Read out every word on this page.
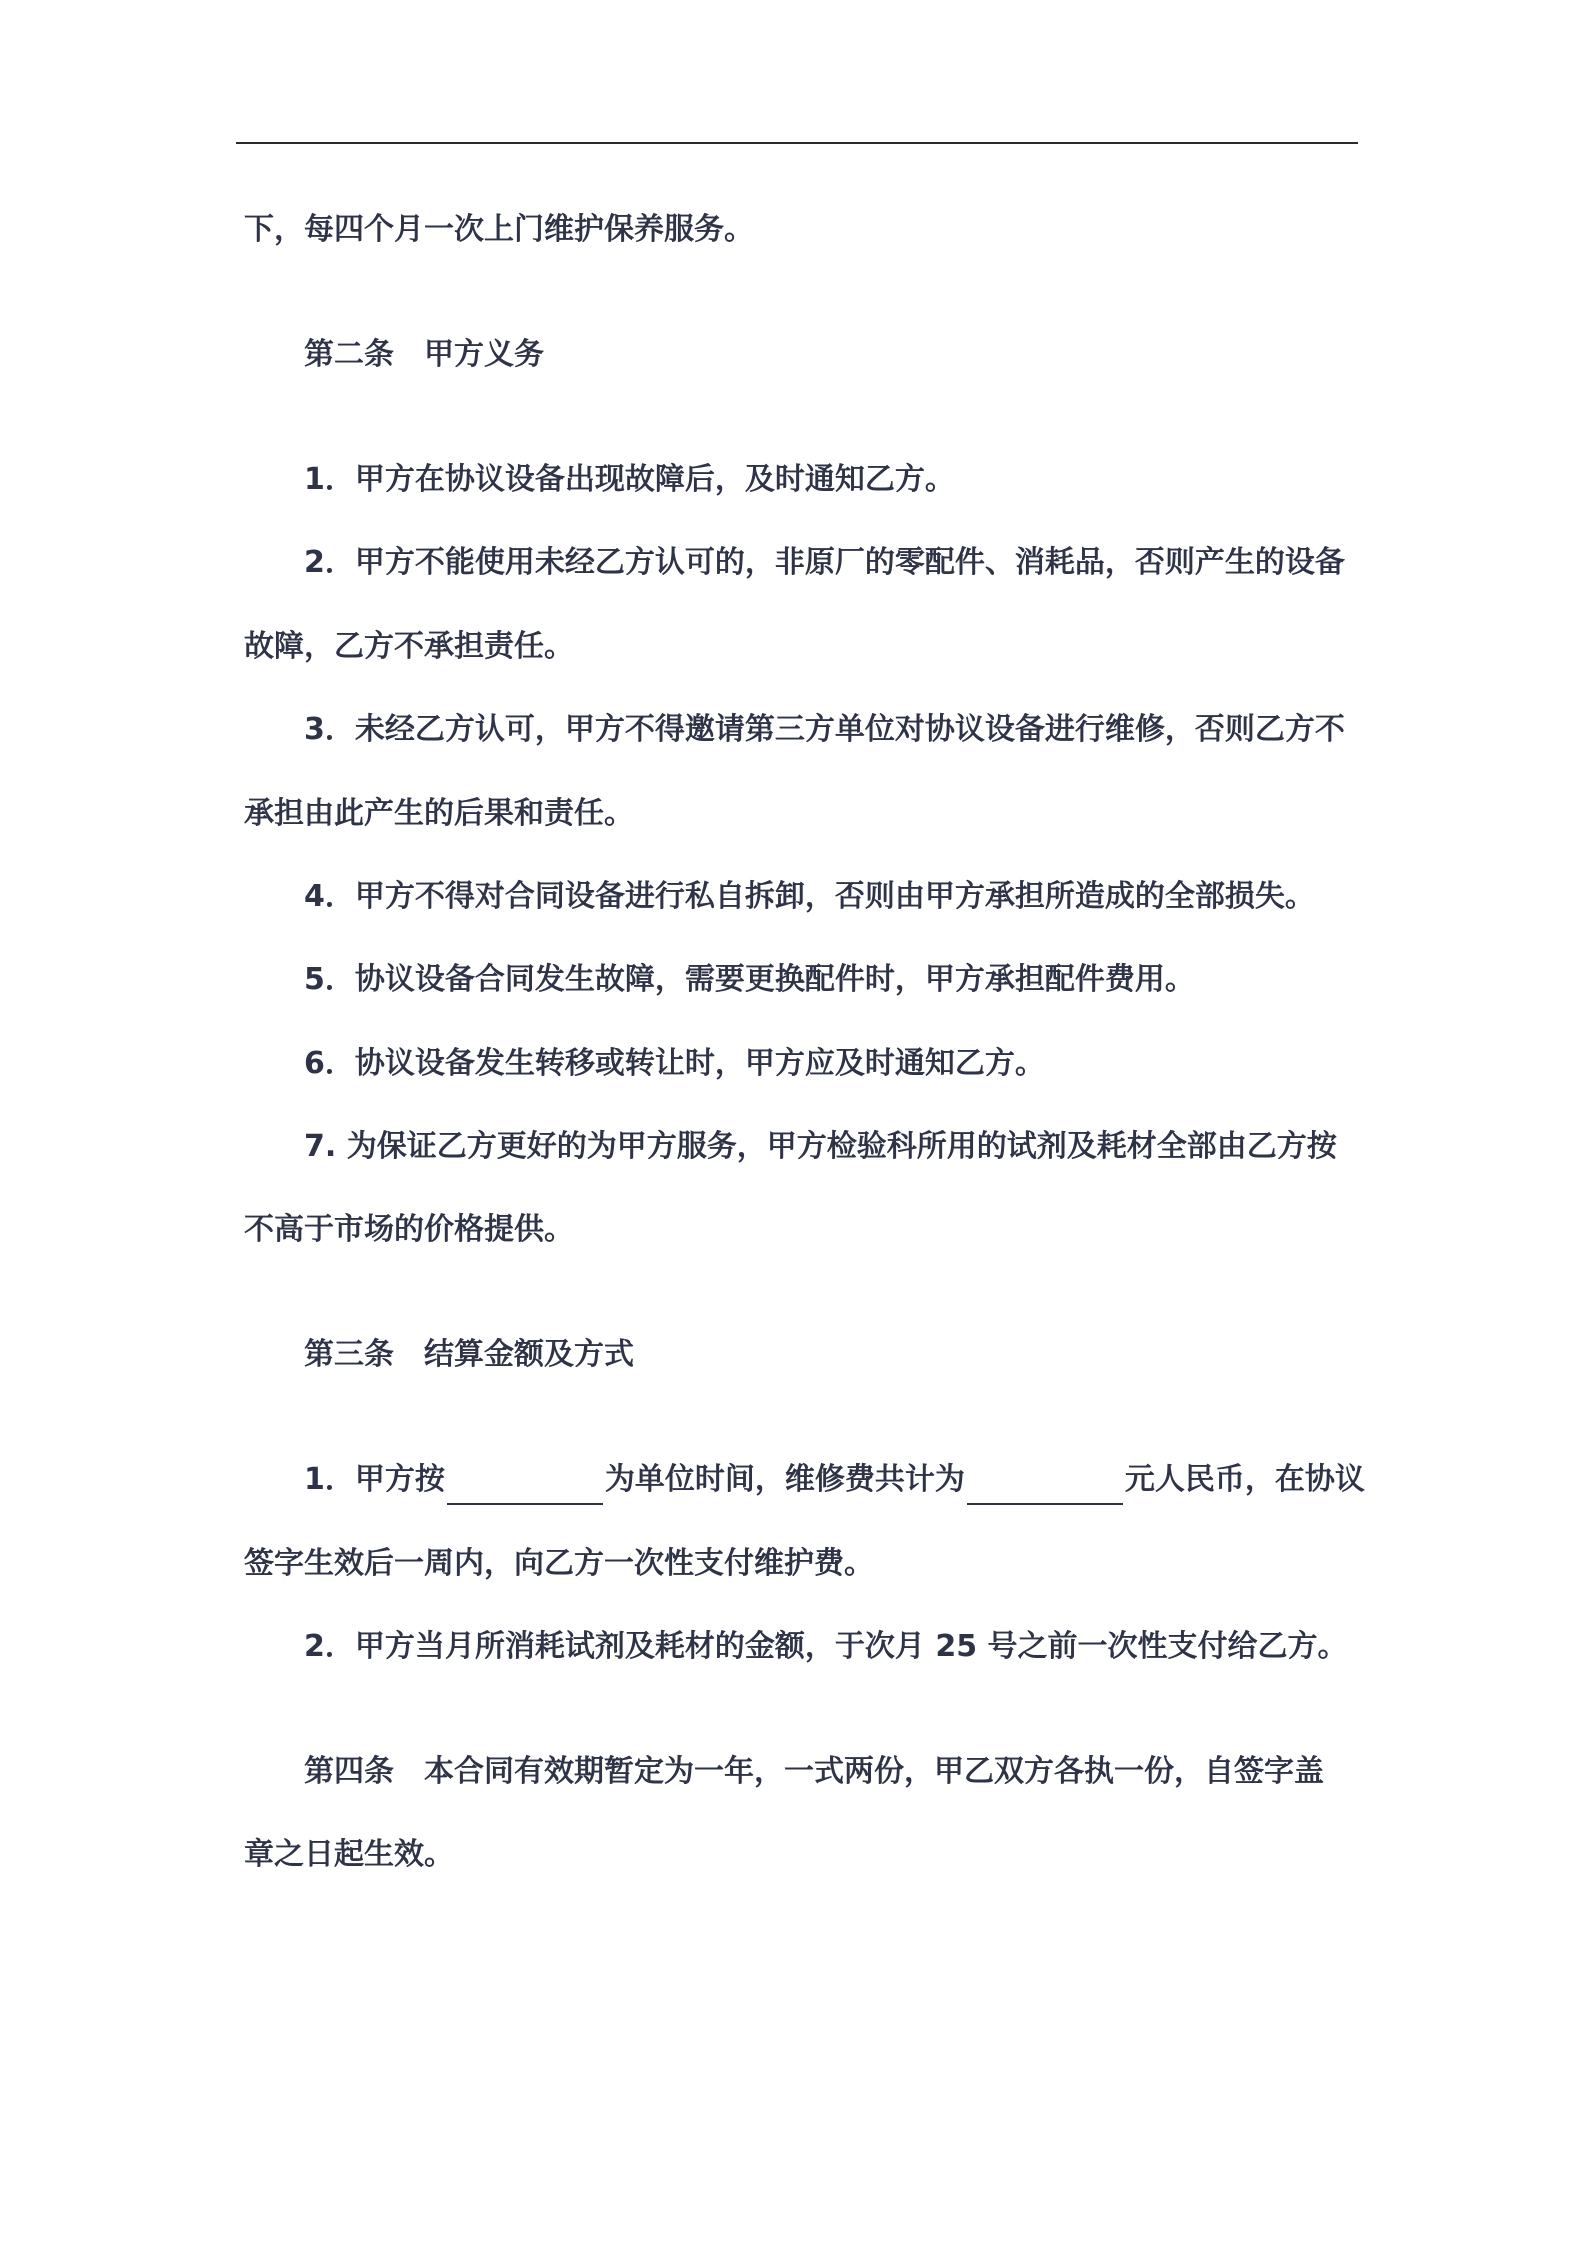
下，每四个月一次上门维护保养服务。
第二条 甲方义务
1．甲方在协议设备出现故障后，及时通知乙方。
2．甲方不能使用未经乙方认可的，非原厂的零配件、消耗品，否则产生的设备
故障，乙方不承担责任。
3．未经乙方认可，甲方不得邀请第三方单位对协议设备进行维修，否则乙方不
承担由此产生的后果和责任。
4．甲方不得对合同设备进行私自拆卸，否则由甲方承担所造成的全部损失。
5．协议设备合同发生故障，需要更换配件时，甲方承担配件费用。
6．协议设备发生转移或转让时，甲方应及时通知乙方。
7. 为保证乙方更好的为甲方服务，甲方检验科所用的试剂及耗材全部由乙方按
不高于市场的价格提供。
第三条 结算金额及方式
1．甲方按	为单位时间，维修费共计为	元人民币，在协议
签字生效后一周内，向乙方一次性支付维护费。
2．甲方当月所消耗试剂及耗材的金额，于次月 25 号之前一次性支付给乙方。
第四条 本合同有效期暂定为一年，一式两份，甲乙双方各执一份，自签字盖
章之日起生效。
